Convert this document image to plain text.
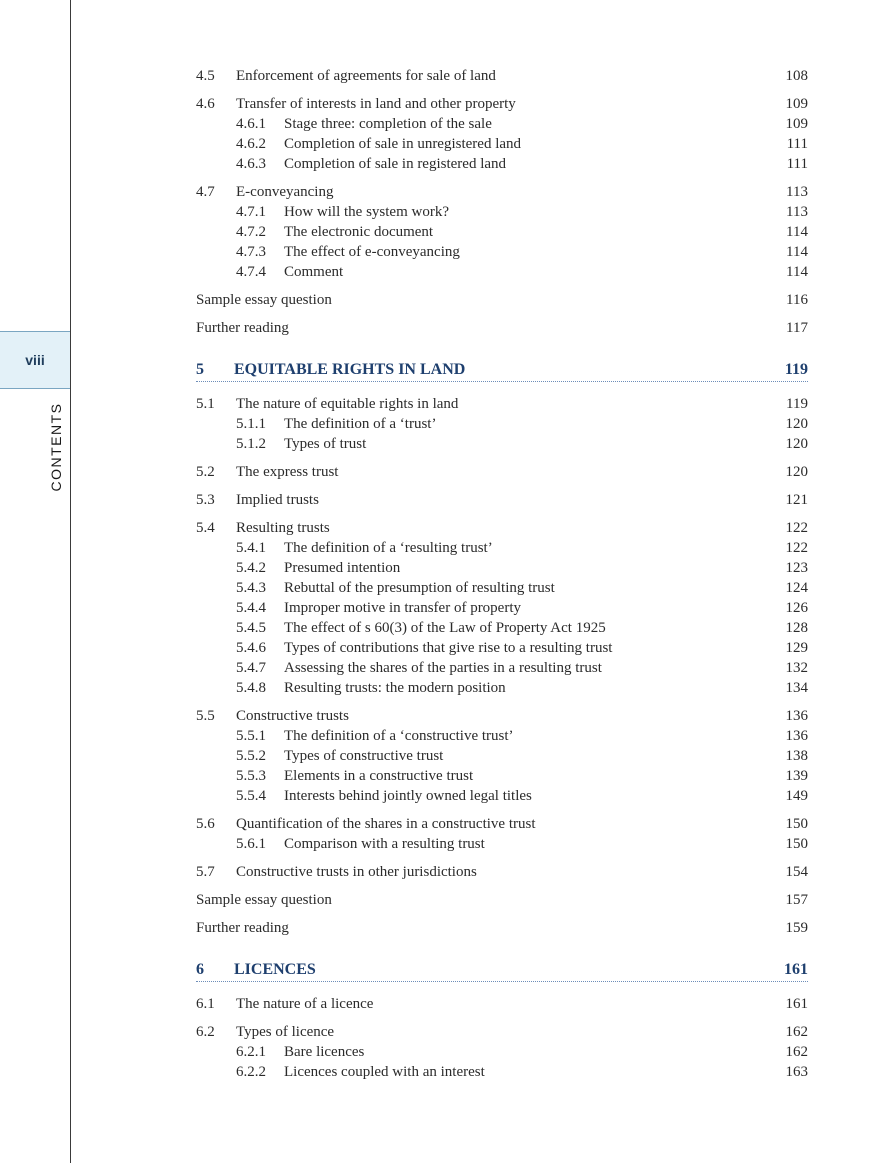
viii
CONTENTS
4.5 Enforcement of agreements for sale of land	108
4.6 Transfer of interests in land and other property	109
4.6.1 Stage three: completion of the sale	109
4.6.2 Completion of sale in unregistered land	111
4.6.3 Completion of sale in registered land	111
4.7 E-conveyancing	113
4.7.1 How will the system work?	113
4.7.2 The electronic document	114
4.7.3 The effect of e-conveyancing	114
4.7.4 Comment	114
Sample essay question	116
Further reading	117
5 EQUITABLE RIGHTS IN LAND	119
5.1 The nature of equitable rights in land	119
5.1.1 The definition of a ‘trust’	120
5.1.2 Types of trust	120
5.2 The express trust	120
5.3 Implied trusts	121
5.4 Resulting trusts	122
5.4.1 The definition of a ‘resulting trust’	122
5.4.2 Presumed intention	123
5.4.3 Rebuttal of the presumption of resulting trust	124
5.4.4 Improper motive in transfer of property	126
5.4.5 The effect of s 60(3) of the Law of Property Act 1925	128
5.4.6 Types of contributions that give rise to a resulting trust	129
5.4.7 Assessing the shares of the parties in a resulting trust	132
5.4.8 Resulting trusts: the modern position	134
5.5 Constructive trusts	136
5.5.1 The definition of a ‘constructive trust’	136
5.5.2 Types of constructive trust	138
5.5.3 Elements in a constructive trust	139
5.5.4 Interests behind jointly owned legal titles	149
5.6 Quantification of the shares in a constructive trust	150
5.6.1 Comparison with a resulting trust	150
5.7 Constructive trusts in other jurisdictions	154
Sample essay question	157
Further reading	159
6 LICENCES	161
6.1 The nature of a licence	161
6.2 Types of licence	162
6.2.1 Bare licences	162
6.2.2 Licences coupled with an interest	163
